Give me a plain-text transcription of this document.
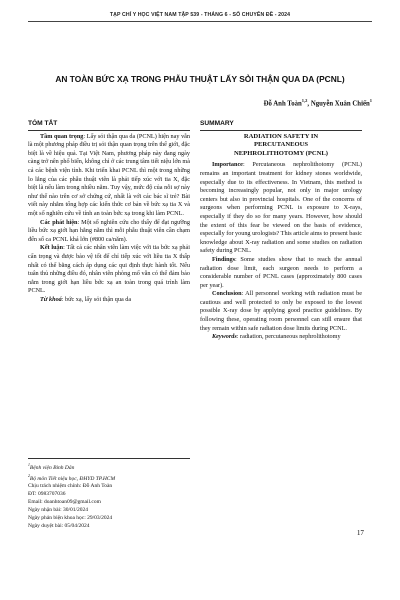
TẠP CHÍ Y HỌC VIỆT NAM TẬP 539 - THÁNG 6 - SỐ CHUYÊN ĐỀ - 2024
AN TOÀN BỨC XẠ TRONG PHẪU THUẬT LẤY SỎI THẬN QUA DA (PCNL)
Đỗ Anh Toàn$^{1,2}$, Nguyễn Xuân Chiến$^1$
TÓM TẮT

Tầm quan trọng: Lấy sỏi thận qua da (PCNL) hiện nay vẫn là một phương pháp điều trị sỏi thận quan trọng trên thế giới, đặc biệt là về hiệu quả. Tại Việt Nam, phương pháp này đang ngày càng trở nên phổ biến, không chỉ ở các trung tâm tiết niệu lớn mà cả các bệnh viện tỉnh. Khi triển khai PCNL thì một trong những lo lắng của các phẫu thuật viên là phải tiếp xúc với tia X, đặc biệt là nếu làm trong nhiều năm. Tuy vậy, mức độ của nỗi sợ này như thế nào trên cơ sở chứng cứ, nhất là với các bác sĩ trẻ? Bài viết này nhằm tổng hợp các kiến thức cơ bản về bức xạ tia X và một số nghiên cứu về tính an toàn bức xạ trong khi làm PCNL.

Các phát hiện: Một số nghiên cứu cho thấy để đạt ngưỡng liều bức xạ giới hạn hằng năm thì mỗi phẫu thuật viên cần chạm đến số ca PCNL khá lớn (#800 ca/năm).

Kết luận: Tất cả các nhân viên làm việc với tia bức xạ phải cẩn trọng và được bảo vệ tốt để chỉ tiếp xúc với liều tia X thấp nhất có thể bằng cách áp dụng các qui định thực hành tốt. Nếu tuân thủ những điều đó, nhân viên phòng mổ vẫn có thể đảm bảo nằm trong giới hạn liều bức xạ an toàn trong quá trình làm PCNL.

Từ khoá: bức xạ, lấy sỏi thận qua da

SUMMARY
RADIATION SAFETY IN
PERCUTANEOUS
NEPHROLITHOTOMY (PCNL)

Importance: Percutaneous nephrolithotomy (PCNL) remains an important treatment for kidney stones worldwide, especially due to its effectiveness. In Vietnam, this method is becoming increasingly popular, not only in major urology centers but also in provincial hospitals. One of the concerns of surgeons when performing PCNL is exposure to X-rays, especially if they do so for many years. However, how should the extent of this fear be viewed on the basis of evidence, especially for young urologists? This article aims to present basic knowledge about X-ray radiation and some studies on radiation safety during PCNL.

Findings: Some studies show that to reach the annual radiation dose limit, each surgeon needs to perform a considerable number of PCNL cases (approximately 800 cases per year).

Conclusion: All personnel working with radiation must be cautious and well protected to only be exposed to the lowest possible X-ray dose by applying good practice guidelines. By following these, operating room personnel can still ensure that they remain within safe radiation dose limits during PCNL.

Keywords: radiation, percutaneous nephrolithotomy

$^1$Bệnh viện Bình Dân
$^2$Bộ môn Tiết niệu học, ĐHYD TP.HCM
Chịu trách nhiệm chính: Đỗ Anh Toàn
ĐT: 0983707036
Email: doanhtoan09@gmail.com
Ngày nhận bài: 30/01/2024
Ngày phản biện khoa học: 29/03/2024
Ngày duyệt bài: 05/04/2024
17
